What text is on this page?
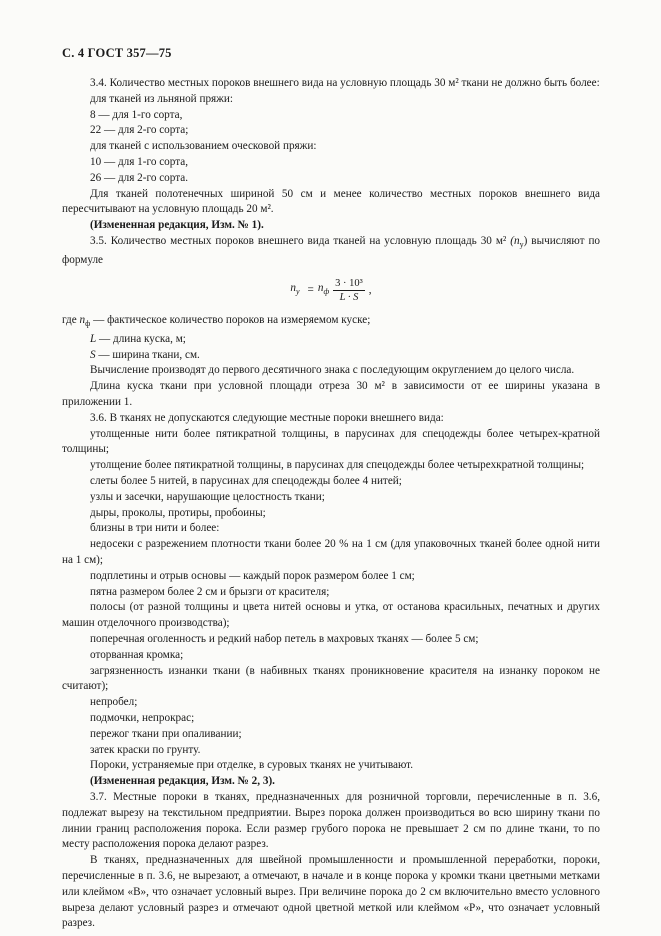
С. 4 ГОСТ 357—75

3.4. Количество местных пороков внешнего вида на условную площадь 30 м² ткани не должно быть более:

для тканей из льняной пряжи:

8 — для 1-го сорта,

22 — для 2-го сорта;

для тканей с использованием оческовой пряжи:

10 — для 1-го сорта,

26 — для 2-го сорта.

Для тканей полотенечных шириной 50 см и менее количество местных пороков внешнего вида пересчитывают на условную площадь 20 м².

(Измененная редакция, Изм. № 1).

3.5. Количество местных пороков внешнего вида тканей на условную площадь 30 м² $(n_у)$ вычисляют по формуле

$n_у = n_ф \frac{\text{3 · 10³}}{L \cdot S}$ ,

где $n_ф$ — фактическое количество пороков на измеряемом куске;

L — длина куска, м;

S — ширина ткани, см.

Вычисление производят до первого десятичного знака с последующим округлением до целого числа.

Длина куска ткани при условной площади отреза 30 м² в зависимости от ее ширины указана в приложении 1.

3.6. В тканях не допускаются следующие местные пороки внешнего вида:

утолщенные нити более пятикратной толщины, в парусинах для спецодежды более четырех-кратной толщины;

утолщение более пятикратной толщины, в парусинах для спецодежды более четырехкратной толщины;

слеты более 5 нитей, в парусинах для спецодежды более 4 нитей;

узлы и засечки, нарушающие целостность ткани;

дыры, проколы, протиры, пробоины;

близны в три нити и более:

недосеки с разрежением плотности ткани более 20 % на 1 см (для упаковочных тканей более одной нити на 1 см);

подплетины и отрыв основы — каждый порок размером более 1 см;

пятна размером более 2 см и брызги от красителя;

полосы (от разной толщины и цвета нитей основы и утка, от останова красильных, печатных и других машин отделочного производства);

поперечная оголенность и редкий набор петель в махровых тканях — более 5 см;

оторванная кромка;

загрязненность изнанки ткани (в набивных тканях проникновение красителя на изнанку пороком не считают);

непробел;

подмочки, непрокрас;

пережог ткани при опаливании;

затек краски по грунту.

Пороки, устраняемые при отделке, в суровых тканях не учитывают.

(Измененная редакция, Изм. № 2, 3).

3.7. Местные пороки в тканях, предназначенных для розничной торговли, перечисленные в п. 3.6, подлежат вырезу на текстильном предприятии. Вырез порока должен производиться во всю ширину ткани по линии границ расположения порока. Если размер грубого порока не превышает 2 см по длине ткани, то по месту расположения порока делают разрез.

В тканях, предназначенных для швейной промышленности и промышленной переработки, пороки, перечисленные в п. 3.6, не вырезают, а отмечают, в начале и в конце порока у кромки ткани цветными метками или клеймом «В», что означает условный вырез. При величине порока до 2 см включительно вместо условного выреза делают условный разрез и отмечают одной цветной меткой или клеймом «Р», что означает условный разрез.
